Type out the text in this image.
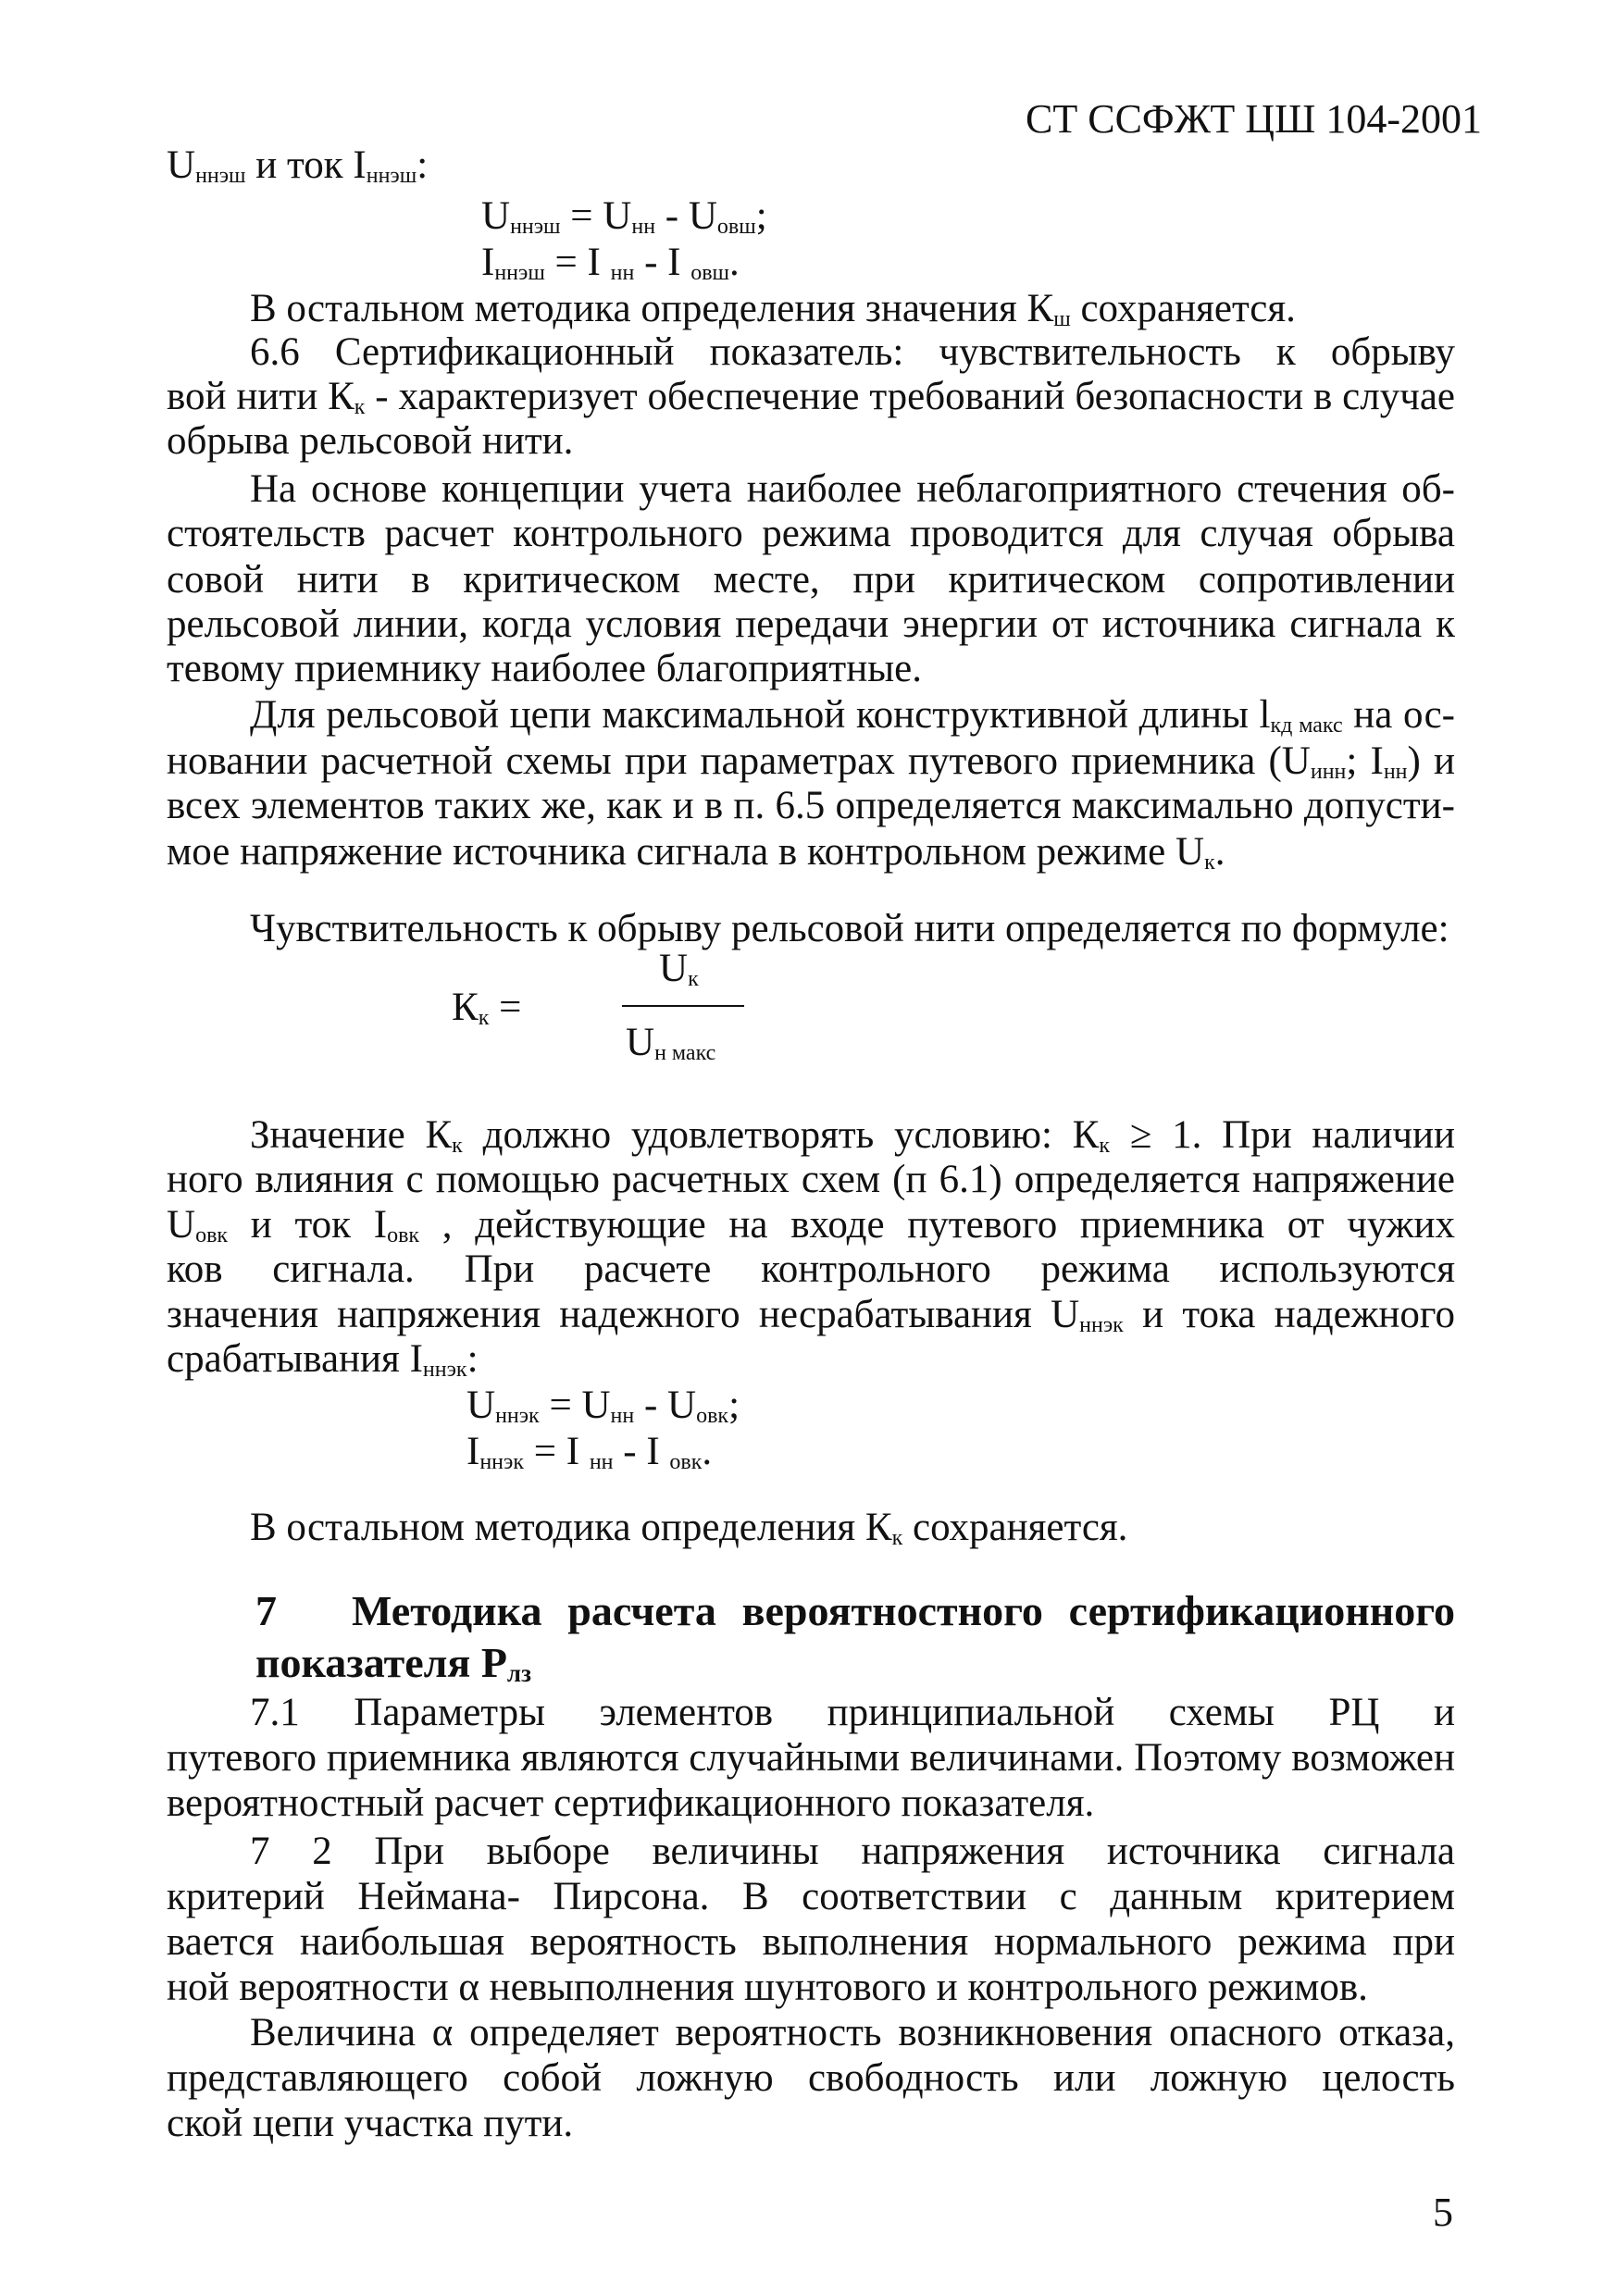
СТ ССФЖТ ЦШ 104-2001
$U_{ннэш}$ и ток $I_{ннэш}$:
$U_{ннэш} = U_{нн} - U_{овш}$;
$I_{ннэш} = I$ $_{нн}$ - I $_{овш}$.
В остальном методика определения значения $К_ш$ сохраняется.
6.6 Сертификационный показатель: чувствительность к обрыву
вой нити $К_к$ - характеризует обеспечение требований безопасности в случае
обрыва рельсовой нити.
На основе концепции учета наиболее неблагоприятного стечения об-
стоятельств расчет контрольного режима проводится для случая обрыва
совой нити в критическом месте, при критическом сопротивлении
рельсовой линии, когда условия передачи энергии от источника сигнала к
тевому приемнику наиболее благоприятные.
Для рельсовой цепи максимальной конструктивной длины $l_{кд макс}$ на ос-
новании расчетной схемы при параметрах путевого приемника ($U_{инн}$; $I_{нн}$) и
всех элементов таких же, как и в п. 6.5 определяется максимально допусти-
мое напряжение источника сигнала в контрольном режиме $U_к$.
Чувствительность к обрыву рельсовой нити определяется по формуле:
$К_к$ =
$U_к$
$U_{н макс}$
Значение $К_к$ должно удовлетворять условию: $К_к \ge 1$. При наличии
ного влияния с помощью расчетных схем (п 6.1) определяется напряжение
$U_{овк}$ и ток $I_{овк}$ , действующие на входе путевого приемника от чужих
ков сигнала. При расчете контрольного режима используются
значения напряжения надежного несрабатывания $U_{ннэк}$ и тока надежного
срабатывания $I_{ннэк}$:
$U_{ннэк} = U_{нн} - U_{овк}$;
$I_{ннэк} = I$ $_{нн}$ - I $_{овк}$.
В остальном методика определения $К_к$ сохраняется.
7 Методика расчета вероятностного сертификационного
показателя $Р_{лз}$
7.1 Параметры элементов принципиальной схемы РЦ и
путевого приемника являются случайными величинами. Поэтому возможен
вероятностный расчет сертификационного показателя.
7 2 При выборе величины напряжения источника сигнала
критерий Неймана- Пирсона. В соответствии с данным критерием
вается наибольшая вероятность выполнения нормального режима при
ной вероятности α невыполнения шунтового и контрольного режимов.
Величина α определяет вероятность возникновения опасного отказа,
представляющего собой ложную свободность или ложную целость
ской цепи участка пути.
5
